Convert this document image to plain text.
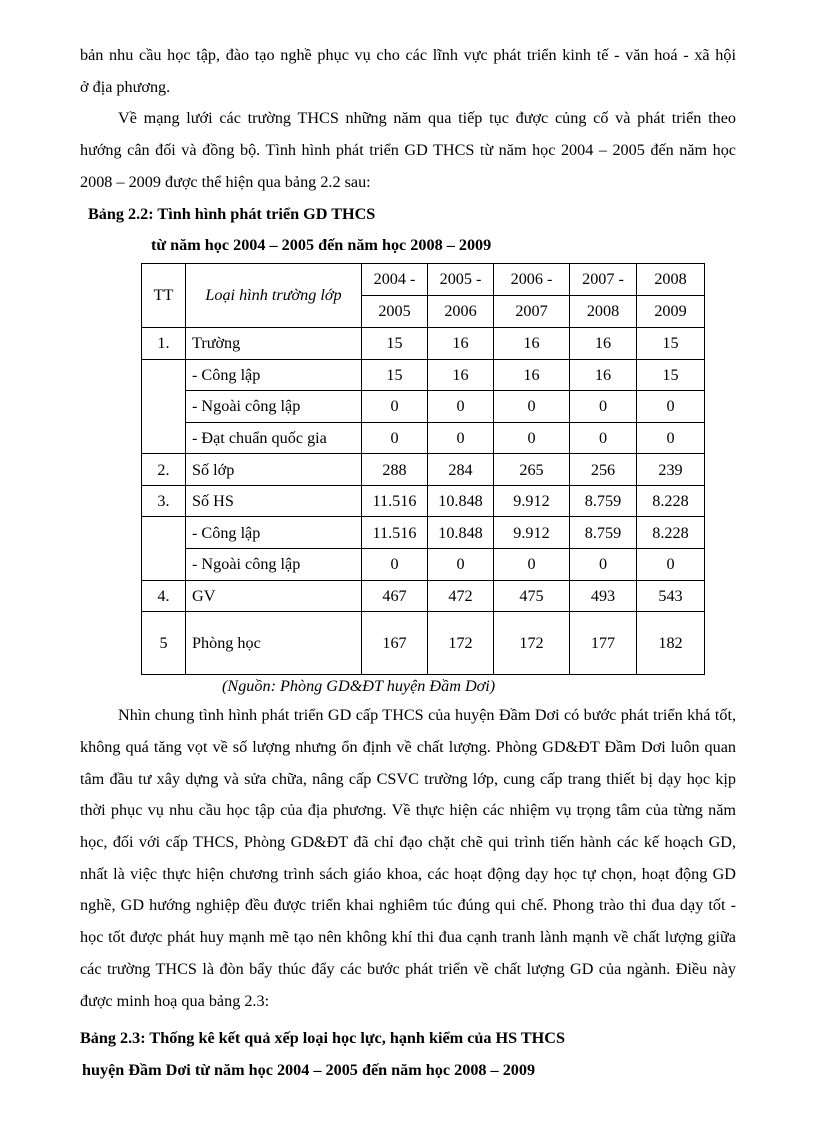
bản nhu cầu học tập, đào tạo nghề phục vụ cho các lĩnh vực phát triển kinh tế - văn hoá - xã hội

ở địa phương.

Về mạng lưới các trường THCS những năm qua tiếp tục được củng cố và phát triển theo hướng cân đối và đồng bộ. Tình hình phát triển GD THCS từ năm học 2004 – 2005 đến năm học 2008 – 2009 được thể hiện qua bảng 2.2 sau:

Bảng 2.2: Tình hình phát triển GD THCS

từ năm học 2004 – 2005 đến năm học 2008 – 2009

TT	Loại hình trường lớp	2004 -	2005 -	2006 -	2007 -	2008
		2005	2006	2007	2008	2009
1.	Trường	15	16	16	16	15
	- Công lập	15	16	16	16	15
	- Ngoài công lập	0	0	0	0	0
	- Đạt chuẩn quốc gia	0	0	0	0	0
2.	Số lớp	288	284	265	256	239
3.	Số HS	11.516	10.848	9.912	8.759	8.228
	- Công lập	11.516	10.848	9.912	8.759	8.228
	- Ngoài công lập	0	0	0	0	0
4.	GV	467	472	475	493	543
5	Phòng học	167	172	172	177	182

(Nguồn: Phòng GD&ĐT huyện Đầm Dơi)

Nhìn chung tình hình phát triển GD cấp THCS của huyện Đầm Dơi có bước phát triển khá tốt, không quá tăng vọt về số lượng nhưng ổn định về chất lượng. Phòng GD&ĐT Đầm Dơi luôn quan tâm đầu tư xây dựng và sửa chữa, nâng cấp CSVC trường lớp, cung cấp trang thiết bị dạy học kịp thời phục vụ nhu cầu học tập của địa phương. Về thực hiện các nhiệm vụ trọng tâm của từng năm học, đối với cấp THCS, Phòng GD&ĐT đã chỉ đạo chặt chẽ qui trình tiến hành các kế hoạch GD, nhất là việc thực hiện chương trình sách giáo khoa, các hoạt động dạy học tự chọn, hoạt động GD nghề, GD hướng nghiệp đều được triển khai nghiêm túc đúng qui chế. Phong trào thi đua dạy tốt - học tốt được phát huy mạnh mẽ tạo nên không khí thi đua cạnh tranh lành mạnh về chất lượng giữa các trường THCS là đòn bẩy thúc đẩy các bước phát triển về chất lượng GD của ngành. Điều này được minh hoạ qua bảng 2.3:

Bảng 2.3: Thống kê kết quả xếp loại học lực, hạnh kiểm của HS THCS

huyện Đầm Dơi từ năm học 2004 – 2005 đến năm học 2008 – 2009
